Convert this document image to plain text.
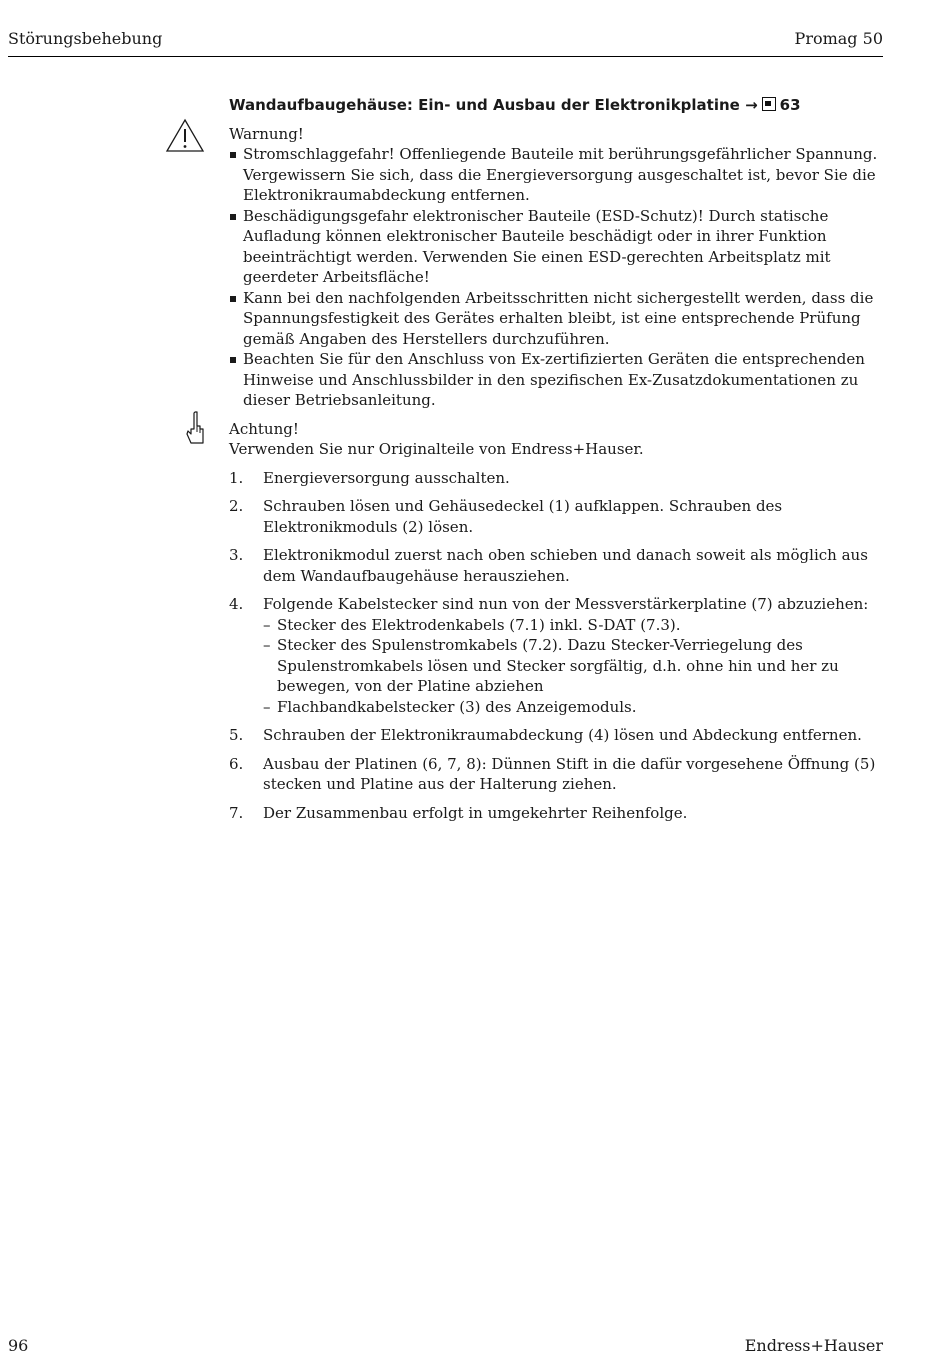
Störungsbehebung	Promag 50
Wandaufbaugehäuse: Ein- und Ausbau der Elektronikplatine → 63
Warnung!
Stromschlaggefahr! Offenliegende Bauteile mit berührungsgefährlicher Spannung. Vergewissern Sie sich, dass die Energieversorgung ausgeschaltet ist, bevor Sie die Elektronikraumabdeckung entfernen.
Beschädigungsgefahr elektronischer Bauteile (ESD-Schutz)! Durch statische Aufladung können elektronischer Bauteile beschädigt oder in ihrer Funktion beeinträchtigt werden. Verwenden Sie einen ESD-gerechten Arbeitsplatz mit geerdeter Arbeitsfläche!
Kann bei den nachfolgenden Arbeitsschritten nicht sichergestellt werden, dass die Spannungsfestigkeit des Gerätes erhalten bleibt, ist eine entsprechende Prüfung gemäß Angaben des Herstellers durchzuführen.
Beachten Sie für den Anschluss von Ex-zertifizierten Geräten die entsprechenden Hinweise und Anschlussbilder in den spezifischen Ex-Zusatzdokumentationen zu dieser Betriebsanleitung.
Achtung!
Verwenden Sie nur Originalteile von Endress+Hauser.
1. Energieversorgung ausschalten.
2. Schrauben lösen und Gehäusedeckel (1) aufklappen. Schrauben des Elektronikmoduls (2) lösen.
3. Elektronikmodul zuerst nach oben schieben und danach soweit als möglich aus dem Wandaufbaugehäuse herausziehen.
4. Folgende Kabelstecker sind nun von der Messverstärkerplatine (7) abzuziehen:
– Stecker des Elektrodenkabels (7.1) inkl. S-DAT (7.3).
– Stecker des Spulenstromkabels (7.2). Dazu Stecker-Verriegelung des Spulenstromkabels lösen und Stecker sorgfältig, d.h. ohne hin und her zu bewegen, von der Platine abziehen
– Flachbandkabelstecker (3) des Anzeigemoduls.
5. Schrauben der Elektronikraumabdeckung (4) lösen und Abdeckung entfernen.
6. Ausbau der Platinen (6, 7, 8): Dünnen Stift in die dafür vorgesehene Öffnung (5) stecken und Platine aus der Halterung ziehen.
7. Der Zusammenbau erfolgt in umgekehrter Reihenfolge.
96	Endress+Hauser
